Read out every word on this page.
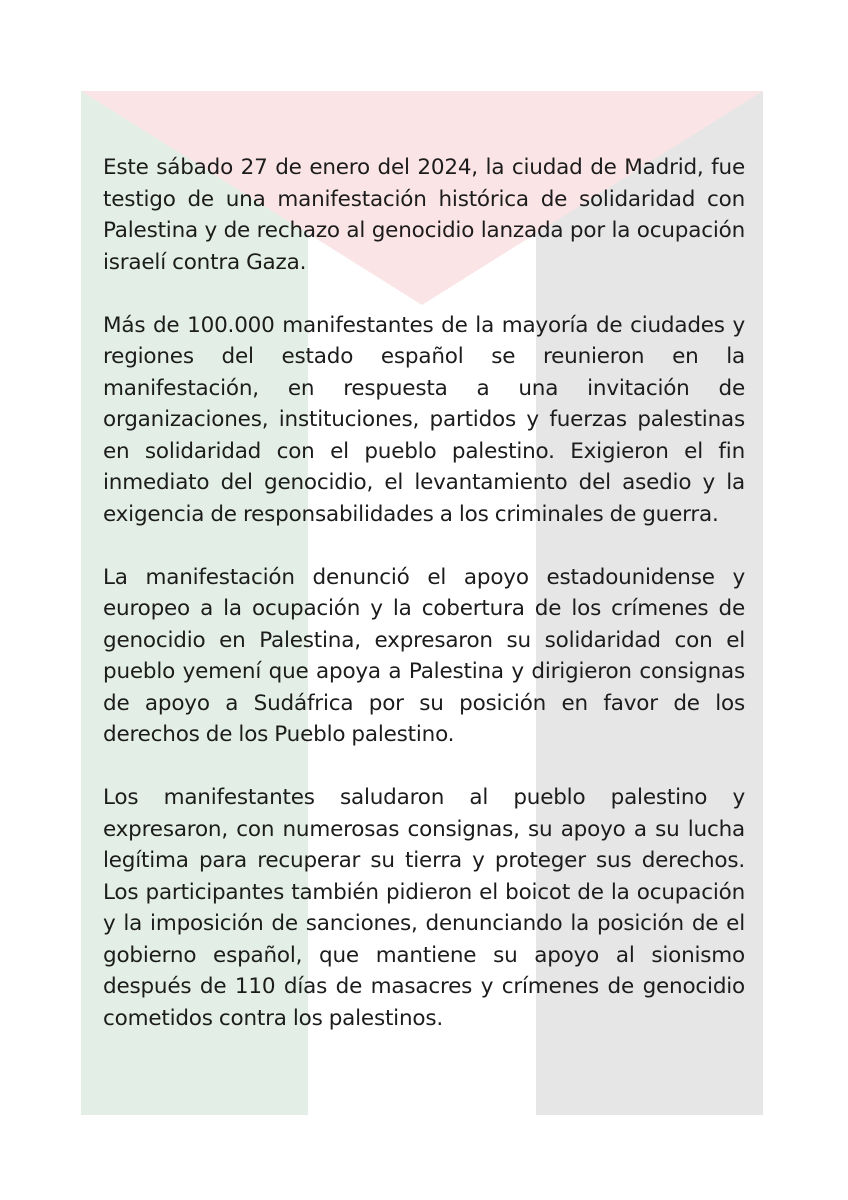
Este sábado 27 de enero del 2024, la ciudad de Madrid, fue testigo de una manifestación histórica de solidaridad con Palestina y de rechazo al genocidio lanzada por la ocupación israelí contra Gaza.

Más de 100.000 manifestantes de la mayoría de ciudades y regiones del estado español se reunieron en la manifestación, en respuesta a una invitación de organizaciones, instituciones, partidos y fuerzas palestinas en solidaridad con el pueblo palestino. Exigieron el fin inmediato del genocidio, el levantamiento del asedio y la exigencia de responsabilidades a los criminales de guerra.

La manifestación denunció el apoyo estadounidense y europeo a la ocupación y la cobertura de los crímenes de genocidio en Palestina, expresaron su solidaridad con el pueblo yemení que apoya a Palestina y dirigieron consignas de apoyo a Sudáfrica por su posición en favor de los derechos de los Pueblo palestino.

Los manifestantes saludaron al pueblo palestino y expresaron, con numerosas consignas, su apoyo a su lucha legítima para recuperar su tierra y proteger sus derechos. Los participantes también pidieron el boicot de la ocupación y la imposición de sanciones, denunciando la posición de el gobierno español, que mantiene su apoyo al sionismo después de 110 días de masacres y crímenes de genocidio cometidos contra los palestinos.
